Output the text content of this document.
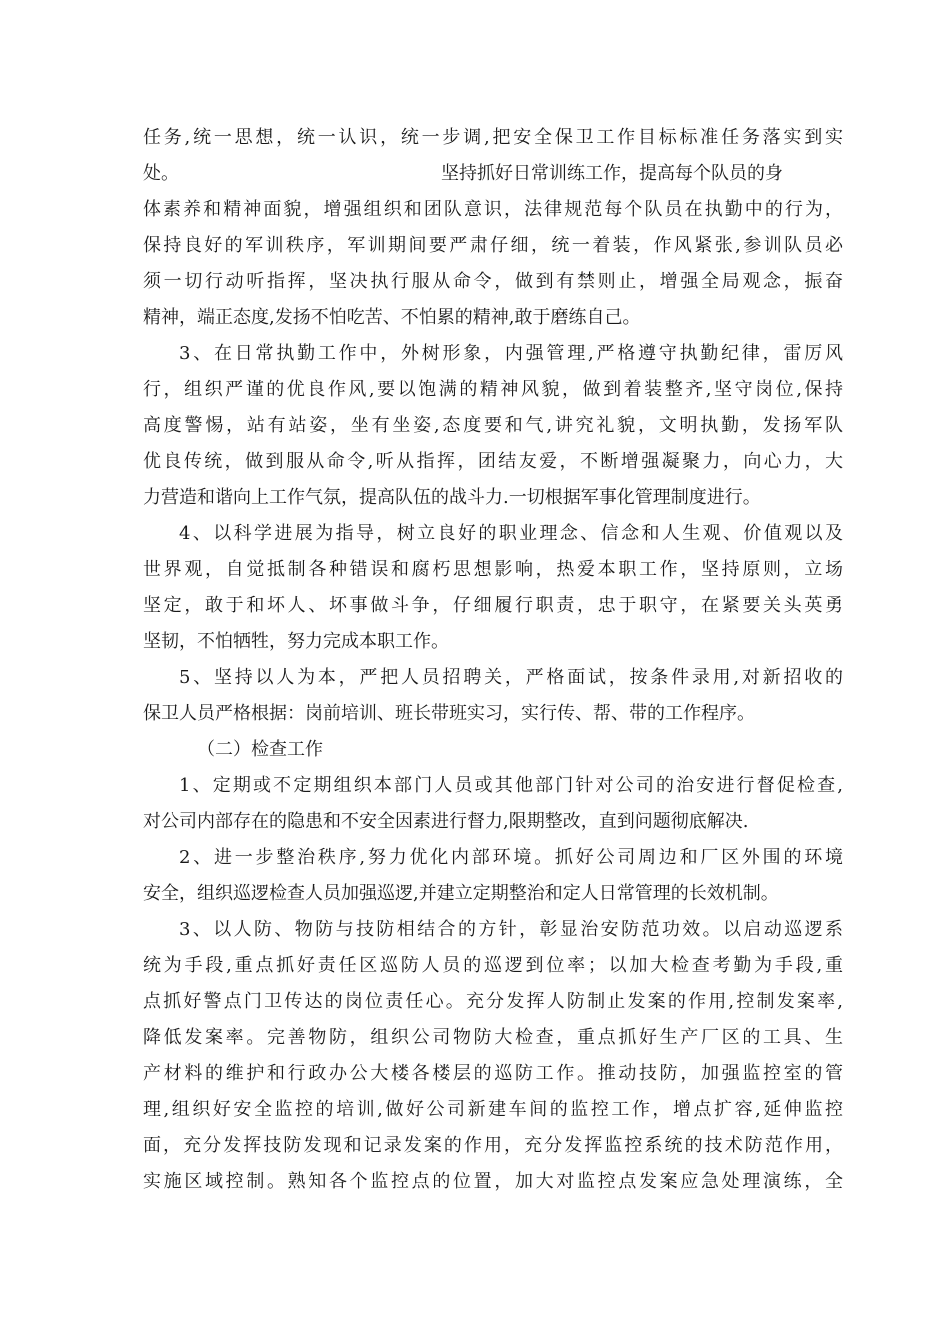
任务,统一思想，统一认识，统一步调,把安全保卫工作目标标准任务落实到实
处。	坚持抓好日常训练工作，提高每个队员的身
体素养和精神面貌，增强组织和团队意识，法律规范每个队员在执勤中的行为，
保持良好的军训秩序，军训期间要严肃仔细，统一着装，作风紧张,参训队员必
须一切行动听指挥，坚决执行服从命令，做到有禁则止，增强全局观念，振奋
精神，端正态度,发扬不怕吃苦、不怕累的精神,敢于磨练自己。
3、在日常执勤工作中，外树形象，内强管理,严格遵守执勤纪律，雷厉风
行，组织严谨的优良作风,要以饱满的精神风貌，做到着装整齐,坚守岗位,保持
高度警惕，站有站姿，坐有坐姿,态度要和气,讲究礼貌，文明执勤，发扬军队
优良传统，做到服从命令,听从指挥，团结友爱，不断增强凝聚力，向心力，大
力营造和谐向上工作气氛，提高队伍的战斗力.一切根据军事化管理制度进行。
4、以科学进展为指导，树立良好的职业理念、信念和人生观、价值观以及
世界观，自觉抵制各种错误和腐朽思想影响，热爱本职工作，坚持原则，立场
坚定，敢于和坏人、坏事做斗争，仔细履行职责，忠于职守，在紧要关头英勇
坚韧，不怕牺牲，努力完成本职工作。
5、坚持以人为本，严把人员招聘关，严格面试，按条件录用,对新招收的
保卫人员严格根据：岗前培训、班长带班实习，实行传、帮、带的工作程序。
（二）检查工作
1、定期或不定期组织本部门人员或其他部门针对公司的治安进行督促检查,
对公司内部存在的隐患和不安全因素进行督力,限期整改，直到问题彻底解决.
2、进一步整治秩序,努力优化内部环境。抓好公司周边和厂区外围的环境
安全，组织巡逻检查人员加强巡逻,并建立定期整治和定人日常管理的长效机制。
3、以人防、物防与技防相结合的方针，彰显治安防范功效。以启动巡逻系
统为手段,重点抓好责任区巡防人员的巡逻到位率；以加大检查考勤为手段,重
点抓好警点门卫传达的岗位责任心。充分发挥人防制止发案的作用,控制发案率,
降低发案率。完善物防，组织公司物防大检查，重点抓好生产厂区的工具、生
产材料的维护和行政办公大楼各楼层的巡防工作。推动技防，加强监控室的管
理,组织好安全监控的培训,做好公司新建车间的监控工作，增点扩容,延伸监控
面，充分发挥技防发现和记录发案的作用，充分发挥监控系统的技术防范作用，
实施区域控制。熟知各个监控点的位置，加大对监控点发案应急处理演练，全
